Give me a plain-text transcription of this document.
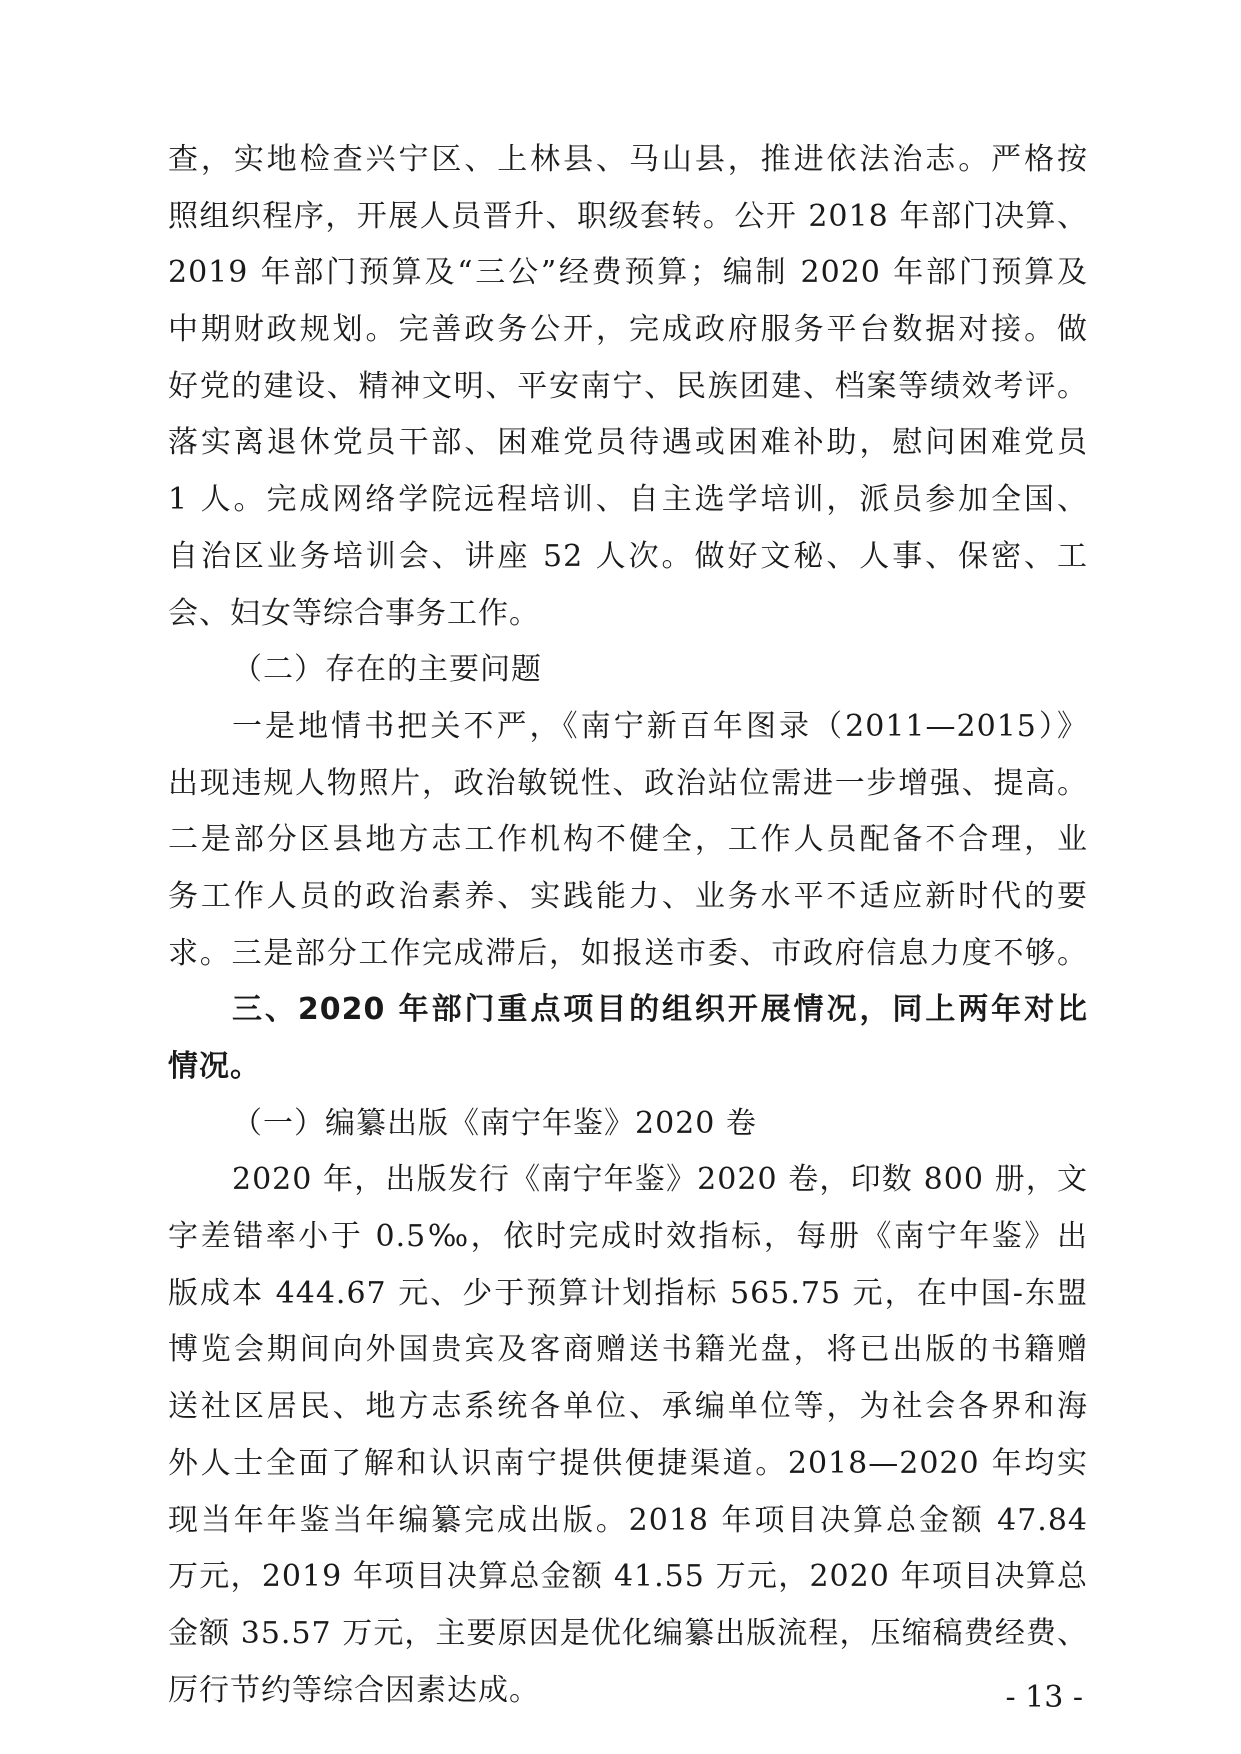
查，实地检查兴宁区、上林县、马山县，推进依法治志。严格按
照组织程序，开展人员晋升、职级套转。公开 2018 年部门决算、
2019 年部门预算及“三公”经费预算；编制 2020 年部门预算及
中期财政规划。完善政务公开，完成政府服务平台数据对接。做
好党的建设、精神文明、平安南宁、民族团建、档案等绩效考评。
落实离退休党员干部、困难党员待遇或困难补助，慰问困难党员
1 人。完成网络学院远程培训、自主选学培训，派员参加全国、
自治区业务培训会、讲座 52 人次。做好文秘、人事、保密、工
会、妇女等综合事务工作。
（二）存在的主要问题
一是地情书把关不严，《南宁新百年图录（2011—2015）》
出现违规人物照片，政治敏锐性、政治站位需进一步增强、提高。
二是部分区县地方志工作机构不健全，工作人员配备不合理，业
务工作人员的政治素养、实践能力、业务水平不适应新时代的要
求。三是部分工作完成滞后，如报送市委、市政府信息力度不够。
三、2020 年部门重点项目的组织开展情况，同上两年对比
情况。
（一）编纂出版《南宁年鉴》2020 卷
2020 年，出版发行《南宁年鉴》2020 卷，印数 800 册，文
字差错率小于 0.5‰，依时完成时效指标，每册《南宁年鉴》出
版成本 444.67 元、少于预算计划指标 565.75 元，在中国-东盟
博览会期间向外国贵宾及客商赠送书籍光盘，将已出版的书籍赠
送社区居民、地方志系统各单位、承编单位等，为社会各界和海
外人士全面了解和认识南宁提供便捷渠道。2018—2020 年均实
现当年年鉴当年编纂完成出版。2018 年项目决算总金额 47.84
万元，2019 年项目决算总金额 41.55 万元，2020 年项目决算总
金额 35.57 万元，主要原因是优化编纂出版流程，压缩稿费经费、
厉行节约等综合因素达成。	- 13 -
